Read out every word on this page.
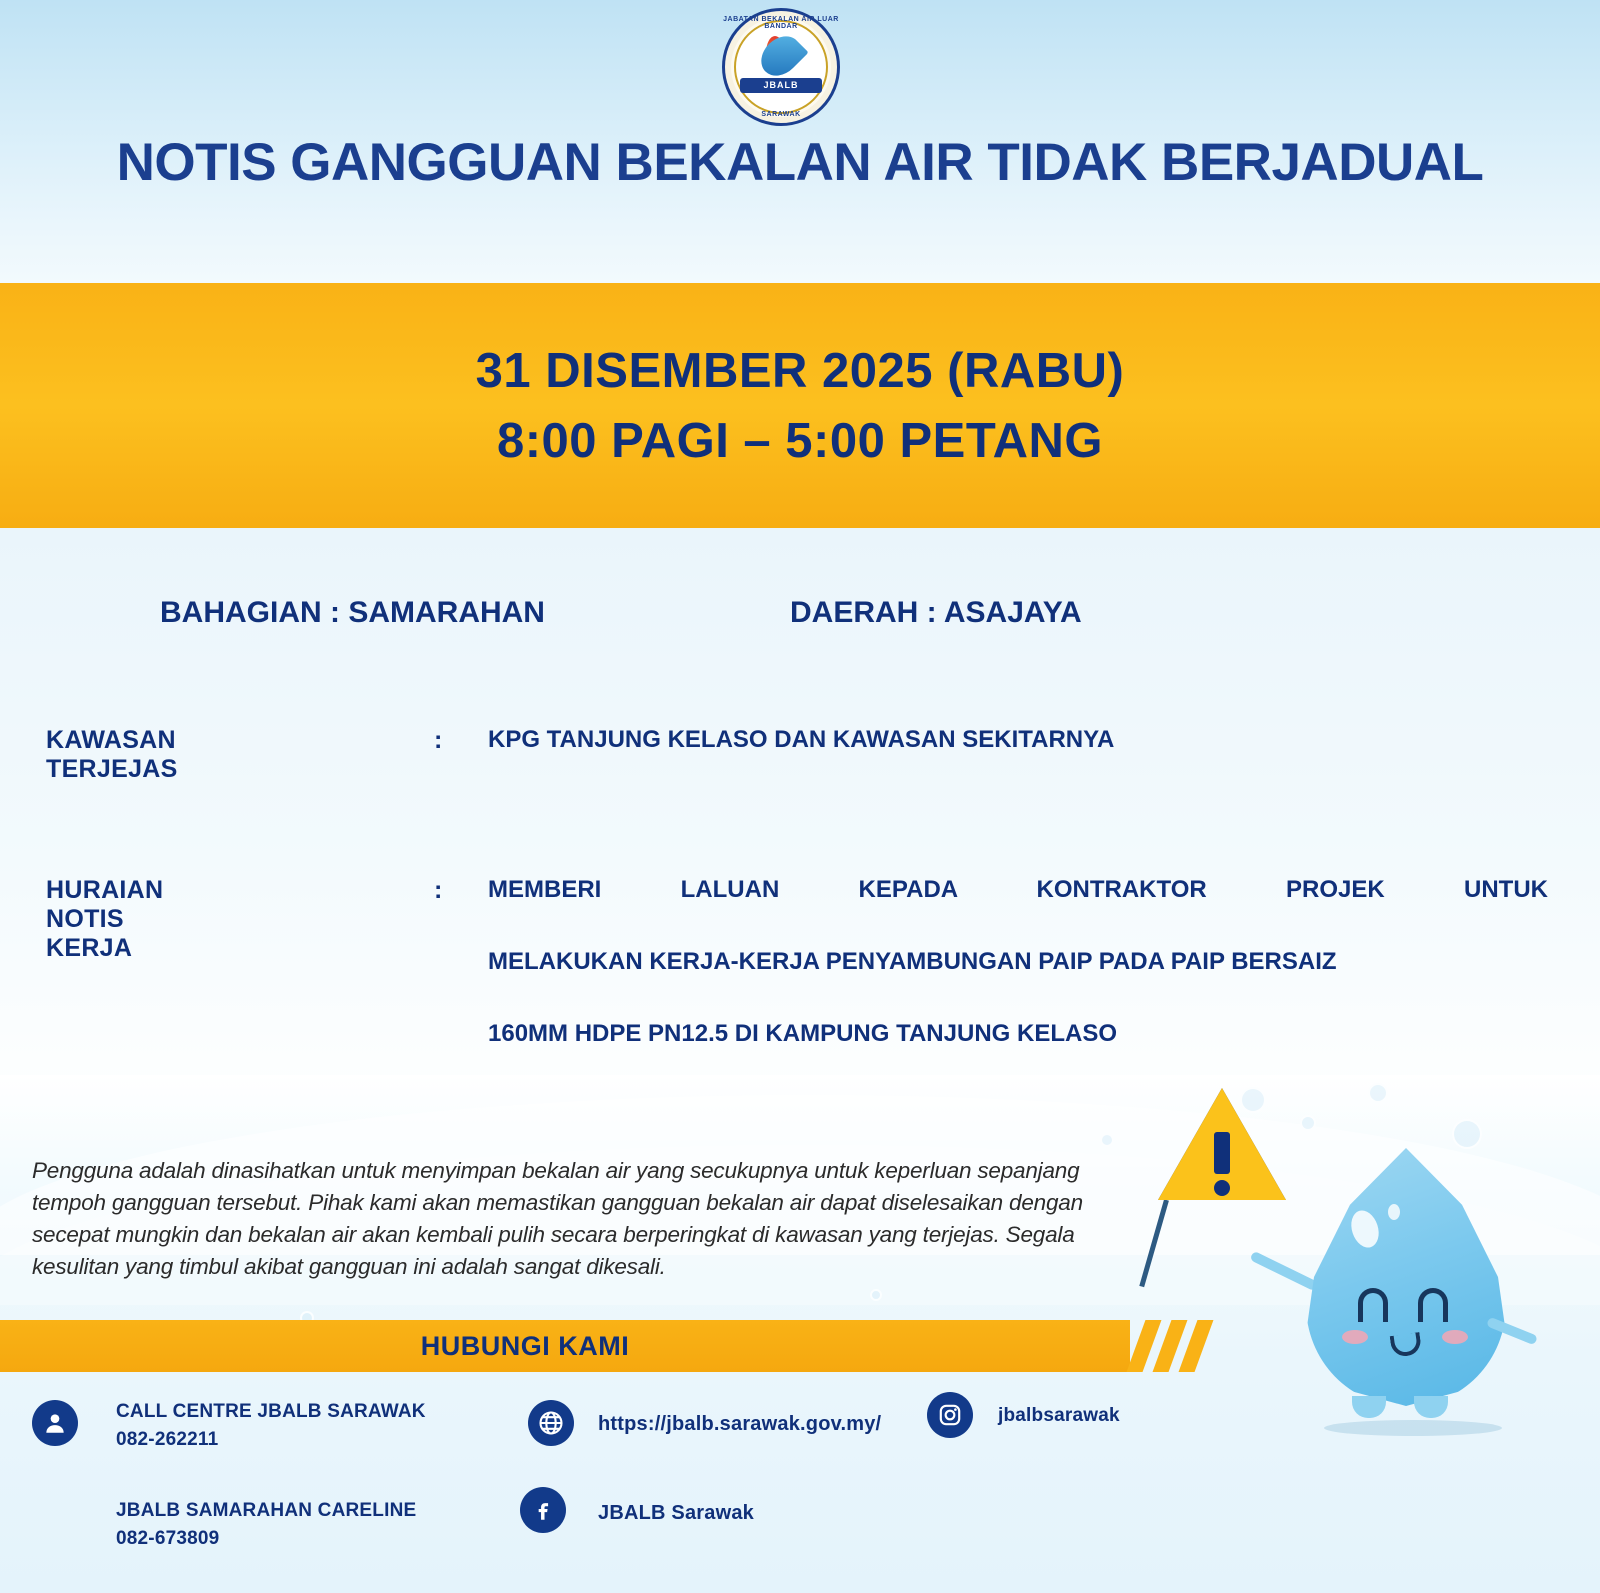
JABATAN BEKALAN AIR LUAR BANDAR
JBALB
SARAWAK
NOTIS GANGGUAN BEKALAN AIR TIDAK BERJADUAL
31 DISEMBER 2025 (RABU)
8:00 PAGI – 5:00 PETANG
BAHAGIAN : SAMARAHAN	DAERAH : ASAJAYA
KAWASAN TERJEJAS
: KPG TANJUNG KELASO DAN KAWASAN SEKITARNYA
HURAIAN NOTIS KERJA
: MEMBERI LALUAN KEPADA KONTRAKTOR PROJEK UNTUK

MELAKUKAN KERJA-KERJA PENYAMBUNGAN PAIP PADA PAIP BERSAIZ

160MM HDPE PN12.5 DI KAMPUNG TANJUNG KELASO

Pengguna adalah dinasihatkan untuk menyimpan bekalan air yang secukupnya untuk keperluan sepanjang tempoh gangguan tersebut. Pihak kami akan memastikan gangguan bekalan air dapat diselesaikan dengan secepat mungkin dan bekalan air akan kembali pulih secara berperingkat di kawasan yang terjejas. Segala kesulitan yang timbul akibat gangguan ini adalah sangat dikesali.
HUBUNGI KAMI
CALL CENTRE JBALB SARAWAK
082-262211
JBALB SAMARAHAN CARELINE
082-673809
https://jbalb.sarawak.gov.my/
JBALB Sarawak
jbalbsarawak
